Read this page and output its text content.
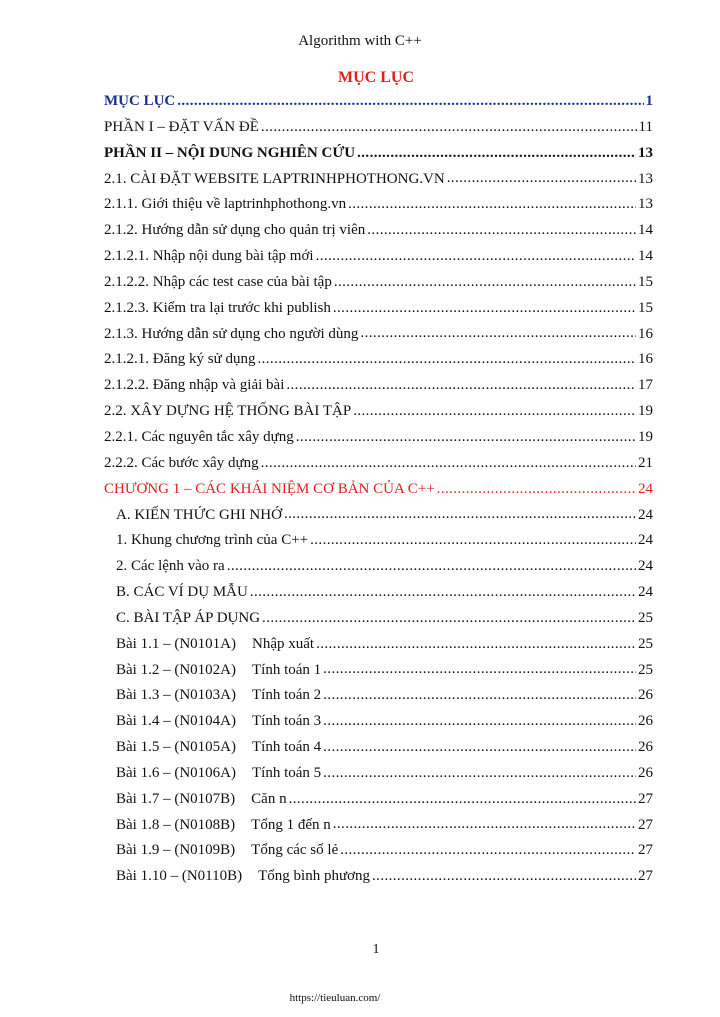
Algorithm with C++
MỤC LỤC
MỤC LỤC .....	1
PHẦN I – ĐẶT VẤN ĐỀ .....	11
PHẦN II – NỘI DUNG NGHIÊN CỨU .....	13
2.1. CÀI ĐẶT WEBSITE LAPTRINHPHOTHONG.VN .....	13
2.1.1. Giới thiệu về laptrinhphothong.vn .....	13
2.1.2. Hướng dẫn sử dụng cho quản trị viên .....	14
2.1.2.1. Nhập nội dung bài tập mới .....	14
2.1.2.2. Nhập các test case của bài tập .....	15
2.1.2.3. Kiểm tra lại trước khi publish .....	15
2.1.3. Hướng dẫn sử dụng cho người dùng .....	16
2.1.2.1. Đăng ký sử dụng .....	16
2.1.2.2. Đăng nhập và giải bài .....	17
2.2. XÂY DỰNG HỆ THỐNG BÀI TẬP .....	19
2.2.1. Các nguyên tắc xây dựng .....	19
2.2.2. Các bước xây dựng .....	21
CHƯƠNG 1 – CÁC KHÁI NIỆM CƠ BẢN CỦA C++ .....	24
A. KIẾN THỨC GHI NHỚ .....	24
1. Khung chương trình của C++ .....	24
2. Các lệnh vào ra .....	24
B. CÁC VÍ DỤ MẪU .....	24
C. BÀI TẬP ÁP DỤNG .....	25
Bài 1.1 – (N0101A) Nhập xuất .....	25
Bài 1.2 – (N0102A) Tính toán 1 .....	25
Bài 1.3 – (N0103A) Tính toán 2 .....	26
Bài 1.4 – (N0104A) Tính toán 3 .....	26
Bài 1.5 – (N0105A) Tính toán 4 .....	26
Bài 1.6 – (N0106A) Tính toán 5 .....	26
Bài 1.7 – (N0107B) Căn n .....	27
Bài 1.8 – (N0108B) Tổng 1 đến n .....	27
Bài 1.9 – (N0109B) Tổng các số lẻ .....	27
Bài 1.10 – (N0110B) Tổng bình phương .....	27
1
https://tieuluan.com/
